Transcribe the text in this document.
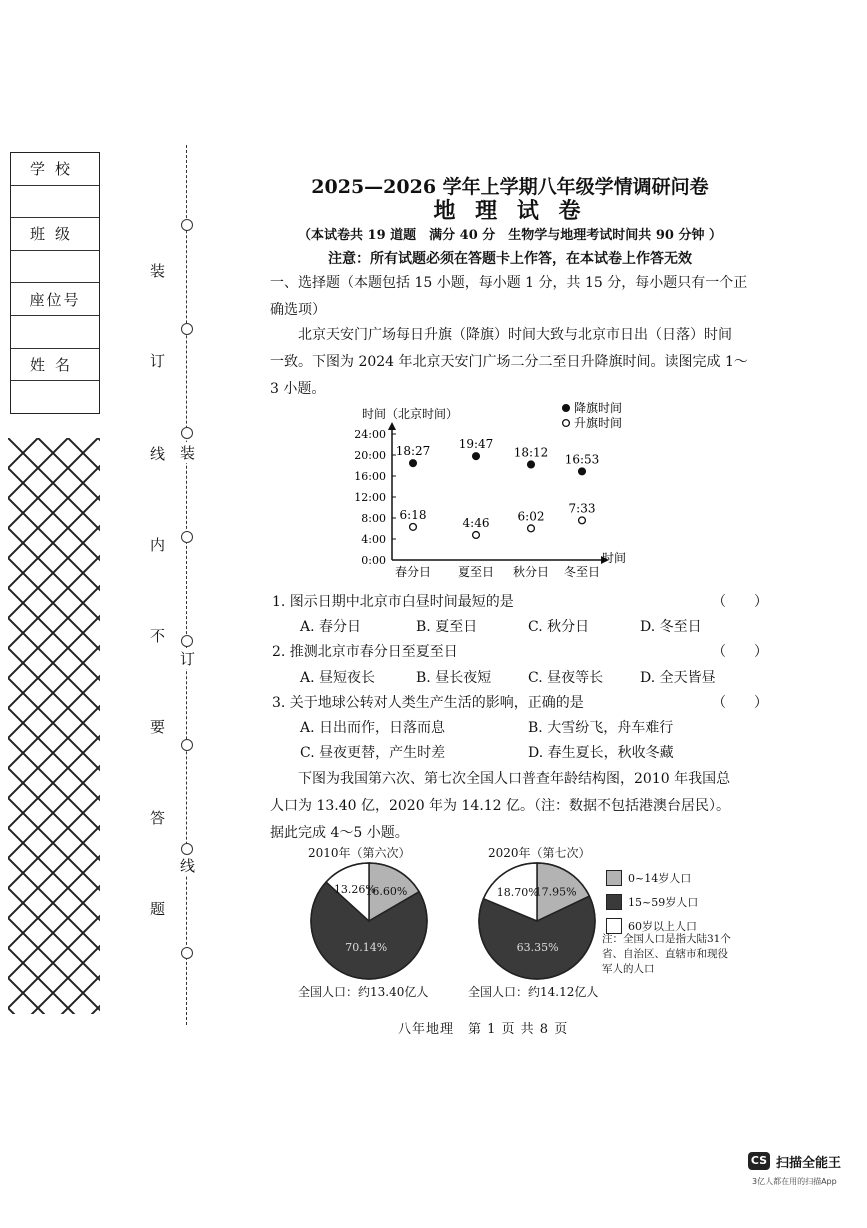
学校
班级
座位号
姓名
装
订
线
内
不
要
答
题
装
订
线
2025—2026 学年上学期八年级学情调研问卷
地 理 试 卷
（本试卷共 19 道题　满分 40 分　生物学与地理考试时间共 90 分钟 ）
注意：所有试题必须在答题卡上作答，在本试卷上作答无效
一、选择题（本题包括 15 小题，每小题 1 分，共 15 分，每小题只有一个正
确选项）
北京天安门广场每日升旗（降旗）时间大致与北京市日出（日落）时间
一致。下图为 2024 年北京天安门广场二分二至日升降旗时间。读图完成 1～
3 小题。
时间（北京时间）
时间
24:00
20:00
16:00
12:00
8:00
4:00
0:00
春分日 夏至日 秋分日 冬至日
18:27 19:47
18:12 16:53
6:18
4:46 6:02
7:33
降旗时间
升旗时间
1. 图示日期中北京市白昼时间最短的是	（　　）
A. 春分日	B. 夏至日	C. 秋分日	D. 冬至日
2. 推测北京市春分日至夏至日	（　　）
A. 昼短夜长	B. 昼长夜短	C. 昼夜等长	D. 全天皆昼
3. 关于地球公转对人类生产生活的影响，正确的是	（　　）
A. 日出而作，日落而息	B. 大雪纷飞，舟车难行
C. 昼夜更替，产生时差	D. 春生夏长，秋收冬藏
下图为我国第六次、第七次全国人口普查年龄结构图，2010 年我国总
人口为 13.40 亿，2020 年为 14.12 亿。（注：数据不包括港澳台居民）。
据此完成 4～5 小题。
2010年（第六次）
16.60%
70.14%
13.26%
全国人口：约13.40亿人
2020年（第七次）
17.95%
63.35%
18.70%
全国人口：约14.12亿人
0~14岁人口
15~59岁人口
60岁以上人口
注：全国人口是指大陆31个省、自治区、直辖市和现役军人的人口
八年地理　第 1 页 共 8 页
CS 扫描全能王
3亿人都在用的扫描App
